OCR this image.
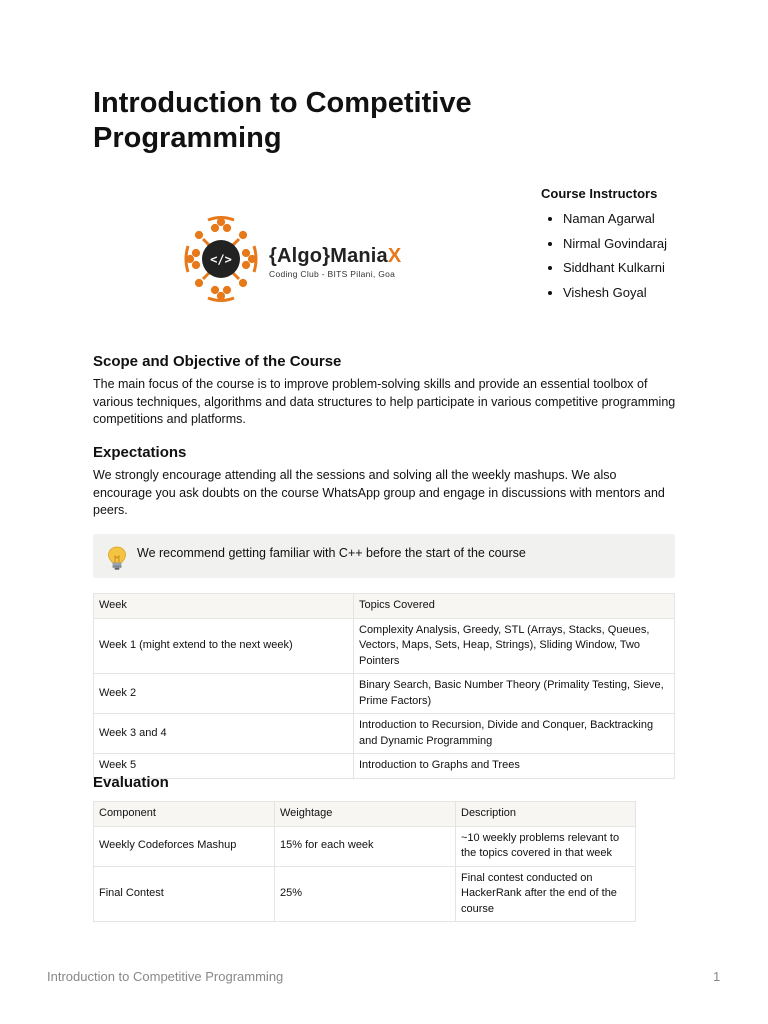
Introduction to Competitive Programming
</> {Algo}ManiaX
Coding Club - BITS Pilani, Goa
Course Instructors
• Naman Agarwal
• Nirmal Govindaraj
• Siddhant Kulkarni
• Vishesh Goyal
Scope and Objective of the Course

The main focus of the course is to improve problem-solving skills and provide an essential toolbox of various techniques, algorithms and data structures to help participate in various competitive programming competitions and platforms.

Expectations

We strongly encourage attending all the sessions and solving all the weekly mashups. We also encourage you ask doubts on the course WhatsApp group and engage in discussions with mentors and peers.

We recommend getting familiar with C++ before the start of the course
Week	Topics Covered
Week 1 (might extend to the next week)	Complexity Analysis, Greedy, STL (Arrays, Stacks, Queues, Vectors, Maps, Sets, Heap, Strings), Sliding Window, Two Pointers
Week 2	Binary Search, Basic Number Theory (Primality Testing, Sieve, Prime Factors)
Week 3 and 4	Introduction to Recursion, Divide and Conquer, Backtracking and Dynamic Programming
Week 5	Introduction to Graphs and Trees
Evaluation
Component	Weightage	Description
Weekly Codeforces Mashup	15% for each week	~10 weekly problems relevant to the topics covered in that week
Final Contest	25%	Final contest conducted on HackerRank after the end of the course
Introduction to Competitive Programming	1
